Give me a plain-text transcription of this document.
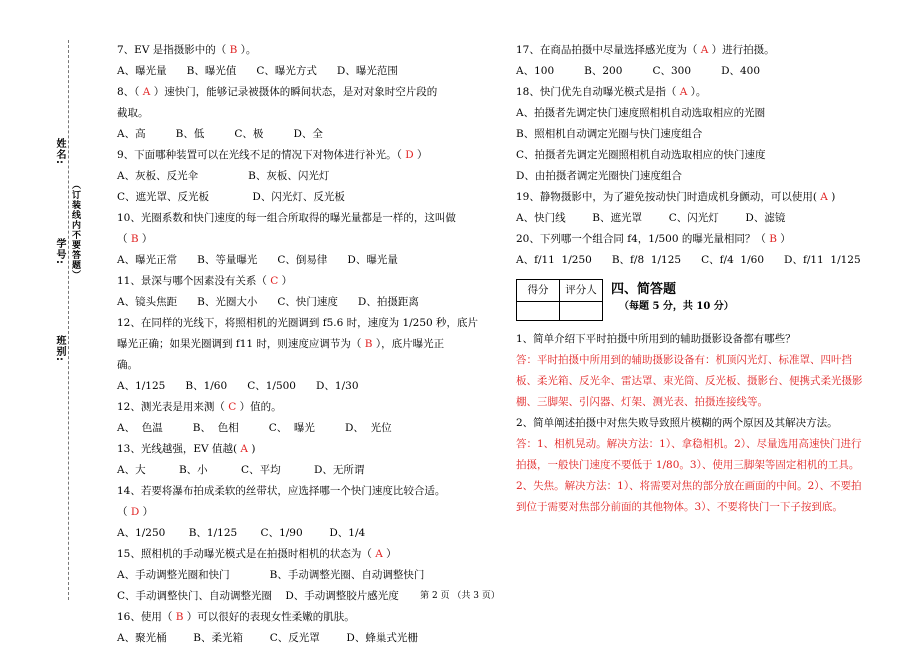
姓名:
（订装线内不要答题）
学号:
班别:
7、EV 是指摄影中的（ B ）。
A、曝光量      B、曝光值      C、曝光方式      D、曝光范围
8、（ A ）速快门，能够记录被摄体的瞬间状态，是对对象时空片段的
截取。
A、高         B、低         C、极         D、全
9、下面哪种装置可以在光线不足的情况下对物体进行补光。（ D ）
A、灰板、反光伞               B、灰板、闪光灯
C、遮光罩、反光板             D、闪光灯、反光板
10、光圈系数和快门速度的每一组合所取得的曝光量都是一样的，这叫做
（ B ）
A、曝光正常      B、等量曝光      C、倒易律      D、曝光量
11、景深与哪个因素没有关系（ C ）
A、镜头焦距      B、光圈大小      C、快门速度      D、拍摄距离
12、在同样的光线下，将照相机的光圈调到 f5.6 时，速度为 1/250 秒，底片
曝光正确；如果光圈调到 f11 时，则速度应调节为（ B ），底片曝光正
确。
A、1/125      B、1/60      C、1/500      D、1/30
12、测光表是用来测（ C ）值的。
A、  色温         B、  色相         C、  曝光         D、  光位
13、光线越强，EV 值越( A )
A、大          B、小          C、平均          D、无所谓
14、若要将瀑布拍成柔软的丝带状，应选择哪一个快门速度比较合适。
（ D ）
A、1/250       B、1/125       C、1/90        D、1/4
15、照相机的手动曝光模式是在拍摄时相机的状态为（ A ）
A、手动调整光圈和快门            B、手动调整光圈、自动调整快门
C、手动调整快门、自动调整光圈    D、手动调整胶片感光度
16、使用（ B ）可以很好的表现女性柔嫩的肌肤。
A、聚光桶        B、柔光箱        C、反光罩        D、蜂巢式光栅
17、在商品拍摄中尽量选择感光度为（ A ）进行拍摄。
A、100         B、200         C、300         D、400
18、快门优先自动曝光模式是指（ A ）。
A、拍摄者先调定快门速度照相机自动选取相应的光圈
B、照相机自动调定光圈与快门速度组合
C、拍摄者先调定光圈照相机自动选取相应的快门速度
D、由拍摄者调定光圈快门速度组合
19、静物摄影中，为了避免按动快门时造成机身颤动，可以使用( A )
A、快门线        B、遮光罩        C、闪光灯        D、滤镜
20、下列哪一个组合同 f4，1/500 的曝光量相同？（ B ）
A、f/11  1/250      B、f/8  1/125      C、f/4  1/60      D、f/11  1/125
得分	评分人
	四、简答题
（每题 5 分，共 10 分）
1、简单介绍下平时拍摄中所用到的辅助摄影设备都有哪些？
答：平时拍摄中所用到的辅助摄影设备有：机顶闪光灯、标准罩、四叶挡板、柔光箱、反光伞、雷达罩、束光筒、反光板、摄影台、便携式柔光摄影棚、三脚架、引闪器、灯架、测光表、拍摄连接线等。
2、简单阐述拍摄中对焦失败导致照片模糊的两个原因及其解决方法。
答：1、相机晃动。解决方法：1）、拿稳相机。2）、尽量选用高速快门进行拍摄，一般快门速度不要低于 1/80。3）、使用三脚架等固定相机的工具。2、失焦。解决方法：1）、将需要对焦的部分放在画面的中间。2）、不要拍到位于需要对焦部分前面的其他物体。3）、不要将快门一下子按到底。
第 2 页 （共 3 页）
